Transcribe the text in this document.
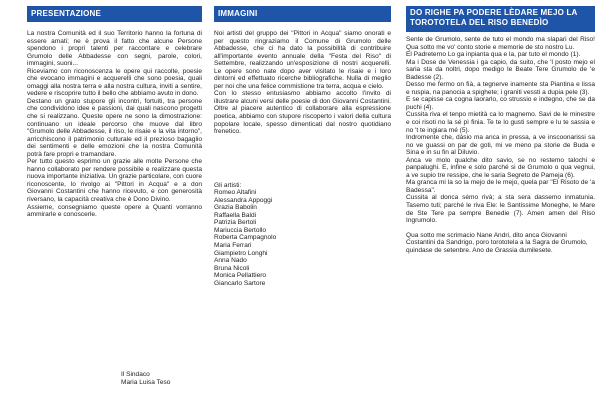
PRESENTAZIONE

La nostra Comunità ed il suo Territorio hanno la fortuna di essere amati; ne è prova il fatto che alcune Persone spendono i propri talenti per raccontare e celebrare Grumolo delle Abbadesse con segni, parole, colori, immagini, suoni...

Riceviamo con riconoscenza le opere qui raccolte, poesie che evocano immagini e acquerelli che sono poesia, quali omaggi alla nostra terra e alla nostra cultura, inviti a sentire, vedere e riscoprire tutto il bello che abbiamo avuto in dono.

Destano un grato stupore gli incontri, fortuiti, tra persone che condividono idee e passioni, dai quali nascono progetti che si realizzano. Queste opere ne sono la dimostrazione: continuano un ideale percorso che muove dal libro "Grumolo delle Abbadesse, il riso, le risaie e la vita intorno", arricchiscono il patrimonio culturale ed il prezioso bagaglio dei sentimenti e delle emozioni che la nostra Comunità potrà fare propri e tramandare.

Per tutto questo esprimo un grazie alle molte Persone che hanno collaborato per rendere possibile e realizzare questa nuova importante iniziativa. Un grazie particolare, con cuore riconoscente, lo rivolgo ai "Pittori in Acqua" e a don Giovanni Costantini che hanno ricevuto, e con generosità riversano, la capacità creativa che è Dono Divino.

Assieme, consegniamo queste opere a Quanti vorranno ammirarle e conoscerle.

Il Sindaco
Maria Luisa Teso
IMMAGINI

Noi artisti del gruppo dei "Pittori in Acqua" siamo onorati e per questo ringraziamo il Comune di Grumolo delle Abbadesse, che ci ha dato la possibilità di contribuire all'importante evento annuale della "Festa del Riso" di Settembre, realizzando un'esposizione di nostri acquerelli. Le opere sono nate dopo aver visitato le risaie e i loro dintorni ed effettuato ricerche bibliografiche. Nulla di meglio per noi che una felice commistione tra terra, acqua e cielo.

Con lo stesso entusiasmo abbiamo accolto l'invito di illustrare alcuni versi delle poesie di don Giovanni Costantini. Oltre al piacere autentico di collaborare alla espressione poetica, abbiamo con stupore riscoperto i valori della cultura popolare locale, spesso dimenticati dal nostro quotidiano frenetico.

Gli artisti:

Romeo Altafini

Alessandra Appoggi

Grazia Babolin

Raffaella Baldi

Patrizia Bertoli

Mariuccia Bertollo

Roberta Campagnolo

Maria Ferrari

Giampietro Longhi

Anna Nado

Bruna Nicoli

Monica Pellattiero

Giancarlo Sartore

DO RIGHE PA PODERE LÈDARE MEJO LA TOROTOTELA DEL RISO BENEDÌO

Sente de Grumolo, sente de tuto el mondo ma slapari del Riso! Qua sotto me vo' conto storie e memorie de sto nostro Lu.

El Padreterno Lo ga inpianta qua e la, par tuto el mondo (1).

Ma i Dose de Venessia i ga capio, da suito, che 'l posto mejo el saria sta da noltri, dopo medigo le Beate Tere Grumolo de 'e Badesse (2).

Desso me fermo on fià, a tegnerve inamente sta Piantina e lissa e ruspia, na panocia a spighete; i graniti vessti a dupia pele (3).

E se capisse ca cogna laorarlo, co strussio e indegno, che se da puchi (4).

Cussita riva el tenpo mietità ca lo magnemo. Savi de le minestre e coi risoti no la sé pì finia. Te te lo gusti sempre e lu te sassia e no 't te ingiara mé (5).

Indromente che, dàsio ma anca in pressa, a ve inscoonarissi sa no ve guassi on par de goti, mi ve meno pa storie de Buda e Sina e in su fin al Diluvio.

Anca ve molo qualche dito savio, se no restemo talochi e panpalughi. E, infine e solo parché si de Grumolo o qua vegnui, a ve supio tre ressipe, che le saria Segreto de Pameja (6).

Ma granca mi la so la mejo de le mejo, quela par "El Risoto de 'a Badessa".

Cussita al donca sémo rivà; a sta sera dassemo inmatunia. Tasemo tuti; parché le riva Ele: le Santissime Moneghe, le Mare de Ste Tere pa sempre Benedie (7). Amen amen del Riso Ingrumolo.

Qua sotto me scrimacio Nane Andri, dito anca Giovanni Costantini da Sandrigo, poro torototela a la Sagra de Grumolo, quindase de setenbre. Ano de Grassia dumilesete.
